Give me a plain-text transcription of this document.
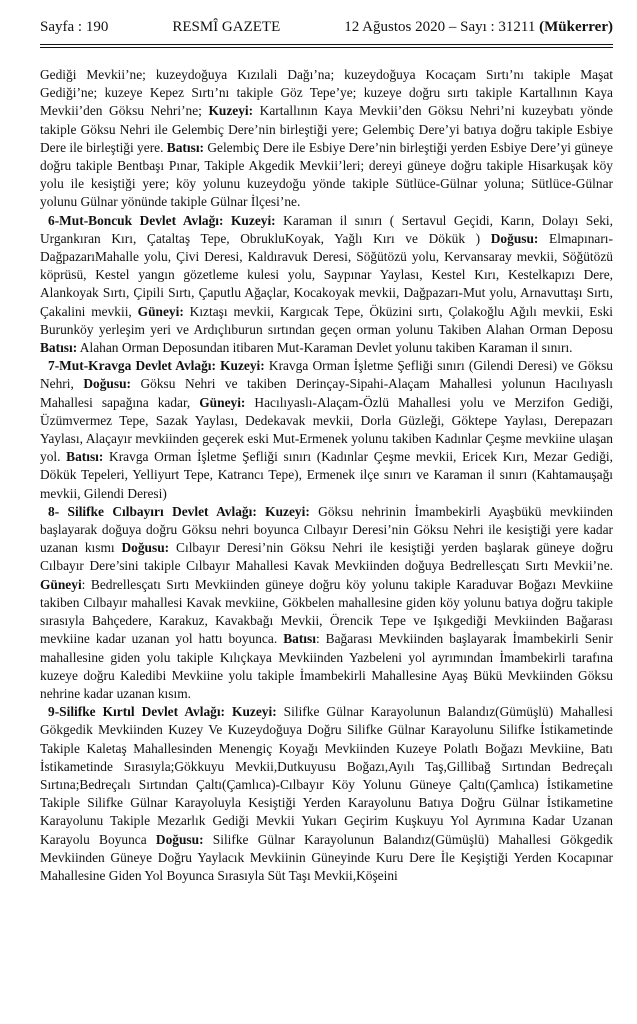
Sayfa : 190	RESMÎ GAZETE	12 Ağustos 2020 – Sayı : 31211 (Mükerrer)

Gediği Mevkii’ne; kuzeydoğuya Kızılali Dağı’na; kuzeydoğuya Kocaçam Sırtı’nı takiple Maşat Gediği’ne; kuzeye Kepez Sırtı’nı takiple Göz Tepe’ye; kuzeye doğru sırtı takiple Kartallının Kaya Mevkii’den Göksu Nehri’ne; Kuzeyi: Kartallının Kaya Mevkii’den Göksu Nehri’ni kuzeybatı yönde takiple Göksu Nehri ile Gelembiç Dere’nin birleştiği yere; Gelembiç Dere’yi batıya doğru takiple Esbiye Dere ile birleştiği yere. Batısı: Gelembiç Dere ile Esbiye Dere’nin birleştiği yerden Esbiye Dere’yi güneye doğru takiple Bentbaşı Pınar, Takiple Akgedik Mevkii’leri; dereyi güneye doğru takiple Hisarkuşak köy yolu ile kesiştiği yere; köy yolunu kuzeydoğu yönde takiple Sütlüce-Gülnar yoluna; Sütlüce-Gülnar yolunu Gülnar yönünde takiple Gülnar İlçesi’ne.

6-Mut-Boncuk Devlet Avlağı: Kuzeyi: Karaman il sınırı ( Sertavul Geçidi, Karın, Dolayı Seki, Urgankıran Kırı, Çataltaş Tepe, ObrukluKoyak, Yağlı Kırı ve Dökük ) Doğusu: Elmapınarı-DağpazarıMahalle yolu, Çivi Deresi, Kaldıravuk Deresi, Söğütözü yolu, Kervansaray mevkii, Söğütözü köprüsü, Kestel yangın gözetleme kulesi yolu, Saypınar Yaylası, Kestel Kırı, Kestelkapızı Dere, Alankoyak Sırtı, Çipili Sırtı, Çaputlu Ağaçlar, Kocakoyak mevkii, Dağpazarı-Mut yolu, Arnavuttaşı Sırtı, Çakalini mevkii, Güneyi: Kıztaşı mevkii, Kargıcak Tepe, Öküzini sırtı, Çolakoğlu Ağılı mevkii, Eski Burunköy yerleşim yeri ve Ardıçlıburun sırtından geçen orman yolunu Takiben Alahan Orman Deposu Batısı: Alahan Orman Deposundan itibaren Mut-Karaman Devlet yolunu takiben Karaman il sınırı.

7-Mut-Kravga Devlet Avlağı: Kuzeyi: Kravga Orman İşletme Şefliği sınırı (Gilendi Deresi) ve Göksu Nehri, Doğusu: Göksu Nehri ve takiben Derinçay-Sipahi-Alaçam Mahallesi yolunun Hacılıyaslı Mahallesi sapağına kadar, Güneyi: Hacılıyaslı-Alaçam-Özlü Mahallesi yolu ve Merzifon Gediği, Üzümvermez Tepe, Sazak Yaylası, Dedekavak mevkii, Dorla Güzleği, Göktepe Yaylası, Derepazarı Yaylası, Alaçayır mevkiinden geçerek eski Mut-Ermenek yolunu takiben Kadınlar Çeşme mevkiine ulaşan yol. Batısı: Kravga Orman İşletme Şefliği sınırı (Kadınlar Çeşme mevkii, Ericek Kırı, Mezar Gediği, Dökük Tepeleri, Yelliyurt Tepe, Katrancı Tepe), Ermenek ilçe sınırı ve Karaman il sınırı (Kahtamauşağı mevkii, Gilendi Deresi)

8- Silifke Cılbayırı Devlet Avlağı: Kuzeyi: Göksu nehrinin İmambekirli Ayaşbükü mevkiinden başlayarak doğuya doğru Göksu nehri boyunca Cılbayır Deresi’nin Göksu Nehri ile kesiştiği yere kadar uzanan kısmı Doğusu: Cılbayır Deresi’nin Göksu Nehri ile kesiştiği yerden başlarak güneye doğru Cılbayır Dere’sini takiple Cılbayır Mahallesi Kavak Mevkiinden doğuya Bedrellesçatı Sırtı Mevkii’ne. Güneyi: Bedrellesçatı Sırtı Mevkiinden güneye doğru köy yolunu takiple Karaduvar Boğazı Mevkiine takiben Cılbayır mahallesi Kavak mevkiine, Gökbelen mahallesine giden köy yolunu batıya doğru takiple sırasıyla Bahçedere, Karakuz, Kavakbağı Mevkii, Örencik Tepe ve Işıkgediği Mevkiinden Bağarası mevkiine kadar uzanan yol hattı boyunca. Batısı: Bağarası Mevkiinden başlayarak İmambekirli Senir mahallesine giden yolu takiple Kılıçkaya Mevkiinden Yazbeleni yol ayrımından İmambekirli tarafına kuzeye doğru Kaledibi Mevkiine yolu takiple İmambekirli Mahallesine Ayaş Bükü Mevkiinden Göksu nehrine kadar uzanan kısım.

9-Silifke Kırtıl Devlet Avlağı: Kuzeyi: Silifke Gülnar Karayolunun Balandız(Gümüşlü) Mahallesi Gökgedik Mevkiinden Kuzey Ve Kuzeydoğuya Doğru Silifke Gülnar Karayolunu Silifke İstikametinde Takiple Kaletaş Mahallesinden Menengiç Koyağı Mevkiinden Kuzeye Polatlı Boğazı Mevkiine, Batı İstikametinde Sırasıyla;Gökkuyu Mevkii,Dutkuyusu Boğazı,Ayılı Taş,Gillibağ Sırtından Bedreçalı Sırtına;Bedreçalı Sırtından Çaltı(Çamlıca)-Cılbayır Köy Yolunu Güneye Çaltı(Çamlıca) İstikametine Takiple Silifke Gülnar Karayoluyla Kesiştiği Yerden Karayolunu Batıya Doğru Gülnar İstikametine Karayolunu Takiple Mezarlık Gediği Mevkii Yukarı Geçirim Kuşkuyu Yol Ayrımına Kadar Uzanan Karayolu Boyunca Doğusu: Silifke Gülnar Karayolunun Balandız(Gümüşlü) Mahallesi Gökgedik Mevkiinden Güneye Doğru Yaylacık Mevkiinin Güneyinde Kuru Dere İle Keşiştiği Yerden Kocapınar Mahallesine Giden Yol Boyunca Sırasıyla Süt Taşı Mevkii,Köşeini
